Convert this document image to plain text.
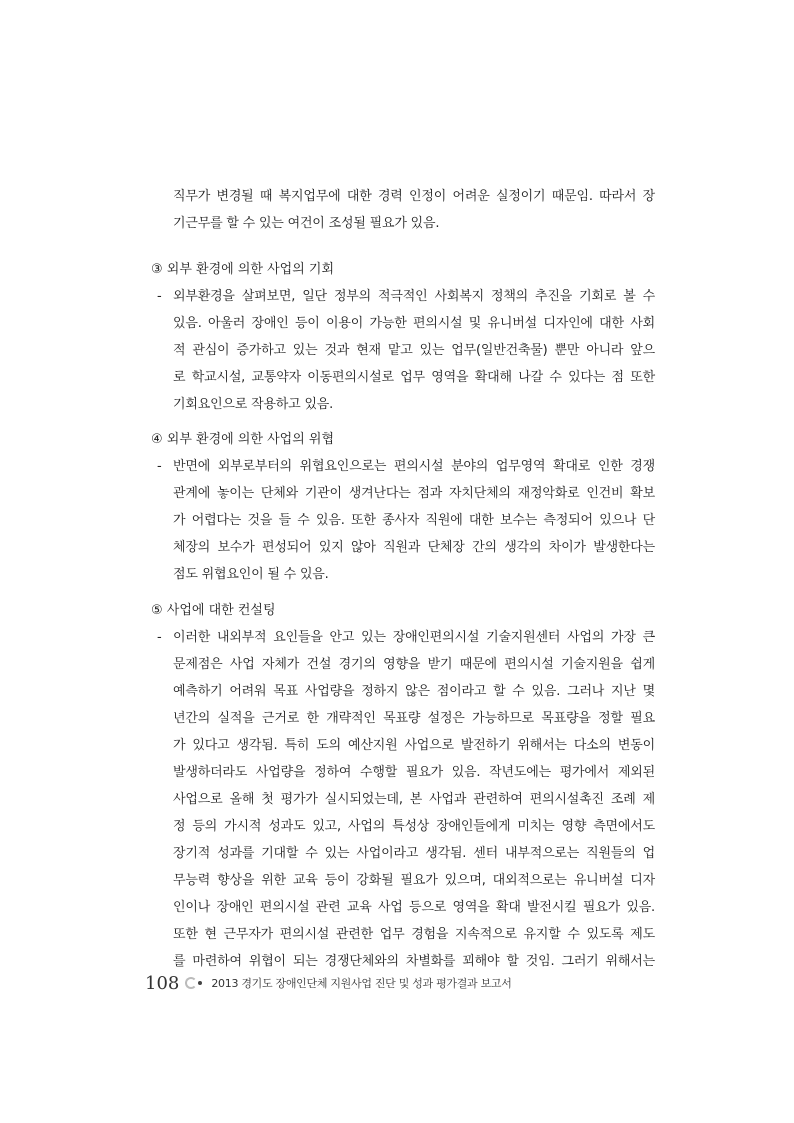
직무가 변경될 때 복지업무에 대한 경력 인정이 어려운 실정이기 때문임. 따라서 장
기근무를 할 수 있는 여건이 조성될 필요가 있음.
③ 외부 환경에 의한 사업의 기회
- 외부환경을 살펴보면, 일단 정부의 적극적인 사회복지 정책의 추진을 기회로 볼 수
있음. 아울러 장애인 등이 이용이 가능한 편의시설 및 유니버설 디자인에 대한 사회
적 관심이 증가하고 있는 것과 현재 맡고 있는 업무(일반건축물) 뿐만 아니라 앞으
로 학교시설, 교통약자 이동편의시설로 업무 영역을 확대해 나갈 수 있다는 점 또한
기회요인으로 작용하고 있음.
④ 외부 환경에 의한 사업의 위협
- 반면에 외부로부터의 위협요인으로는 편의시설 분야의 업무영역 확대로 인한 경쟁
관계에 놓이는 단체와 기관이 생겨난다는 점과 자치단체의 재정악화로 인건비 확보
가 어렵다는 것을 들 수 있음. 또한 종사자 직원에 대한 보수는 측정되어 있으나 단
체장의 보수가 편성되어 있지 않아 직원과 단체장 간의 생각의 차이가 발생한다는
점도 위협요인이 될 수 있음.
⑤ 사업에 대한 컨설팅
- 이러한 내외부적 요인들을 안고 있는 장애인편의시설 기술지원센터 사업의 가장 큰
문제점은 사업 자체가 건설 경기의 영향을 받기 때문에 편의시설 기술지원을 쉽게
예측하기 어려워 목표 사업량을 정하지 않은 점이라고 할 수 있음. 그러나 지난 몇
년간의 실적을 근거로 한 개략적인 목표량 설정은 가능하므로 목표량을 정할 필요
가 있다고 생각됨. 특히 도의 예산지원 사업으로 발전하기 위해서는 다소의 변동이
발생하더라도 사업량을 정하여 수행할 필요가 있음. 작년도에는 평가에서 제외된
사업으로 올해 첫 평가가 실시되었는데, 본 사업과 관련하여 편의시설촉진 조례 제
정 등의 가시적 성과도 있고, 사업의 특성상 장애인들에게 미치는 영향 측면에서도
장기적 성과를 기대할 수 있는 사업이라고 생각됨. 센터 내부적으로는 직원들의 업
무능력 향상을 위한 교육 등이 강화될 필요가 있으며, 대외적으로는 유니버설 디자
인이나 장애인 편의시설 관련 교육 사업 등으로 영역을 확대 발전시킬 필요가 있음.
또한 현 근무자가 편의시설 관련한 업무 경험을 지속적으로 유지할 수 있도록 제도
를 마련하여 위협이 되는 경쟁단체와의 차별화를 꾀해야 할 것임. 그러기 위해서는
108	2013 경기도 장애인단체 지원사업 진단 및 성과 평가결과 보고서
